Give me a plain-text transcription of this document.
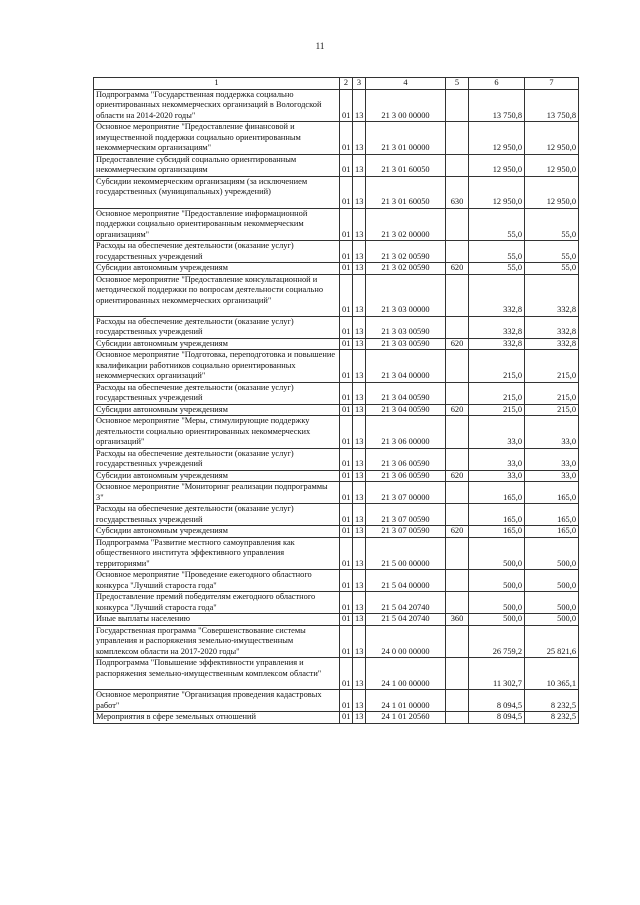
11
1	2	3	4	5	6	7
Подпрограмма "Государственная поддержка социально ориентированных некоммерческих организаций в Вологодской области на 2014-2020 годы"	01	13	21 3 00 00000		13 750,8	13 750,8
Основное мероприятие "Предоставление финансовой и имущественной поддержки социально ориентированным некоммерческим организациям"	01	13	21 3 01 00000		12 950,0	12 950,0
Предоставление субсидий социально ориентированным некоммерческим организациям	01	13	21 3 01 60050		12 950,0	12 950,0
Субсидии некоммерческим организациям (за исключением государственных (муниципальных) учреждений)	01	13	21 3 01 60050	630	12 950,0	12 950,0
Основное мероприятие "Предоставление информационной поддержки социально ориентированным некоммерческим организациям"	01	13	21 3 02 00000		55,0	55,0
Расходы на обеспечение деятельности (оказание услуг) государственных учреждений	01	13	21 3 02 00590		55,0	55,0
Субсидии автономным учреждениям	01	13	21 3 02 00590	620	55,0	55,0
Основное мероприятие "Предоставление консультационной и методической поддержки по вопросам деятельности социально ориентированных некоммерческих организаций"	01	13	21 3 03 00000		332,8	332,8
Расходы на обеспечение деятельности (оказание услуг) государственных учреждений	01	13	21 3 03 00590		332,8	332,8
Субсидии автономным учреждениям	01	13	21 3 03 00590	620	332,8	332,8
Основное мероприятие "Подготовка, переподготовка и повышение квалификации работников социально ориентированных некоммерческих организаций"	01	13	21 3 04 00000		215,0	215,0
Расходы на обеспечение деятельности (оказание услуг) государственных учреждений	01	13	21 3 04 00590		215,0	215,0
Субсидии автономным учреждениям	01	13	21 3 04 00590	620	215,0	215,0
Основное мероприятие "Меры, стимулирующие поддержку деятельности социально ориентированных некоммерческих организаций"	01	13	21 3 06 00000		33,0	33,0
Расходы на обеспечение деятельности (оказание услуг) государственных учреждений	01	13	21 3 06 00590		33,0	33,0
Субсидии автономным учреждениям	01	13	21 3 06 00590	620	33,0	33,0
Основное мероприятие "Мониторинг реализации подпрограммы 3"	01	13	21 3 07 00000		165,0	165,0
Расходы на обеспечение деятельности (оказание услуг) государственных учреждений	01	13	21 3 07 00590		165,0	165,0
Субсидии автономным учреждениям	01	13	21 3 07 00590	620	165,0	165,0
Подпрограмма "Развитие местного самоуправления как общественного института эффективного управления территориями"	01	13	21 5 00 00000		500,0	500,0
Основное мероприятие "Проведение ежегодного областного конкурса "Лучший староста года"	01	13	21 5 04 00000		500,0	500,0
Предоставление премий победителям ежегодного областного конкурса "Лучший староста года"	01	13	21 5 04 20740		500,0	500,0
Иные выплаты населению	01	13	21 5 04 20740	360	500,0	500,0
Государственная программа "Совершенствование системы управления и распоряжения земельно-имущественным комплексом области на 2017-2020 годы"	01	13	24 0 00 00000		26 759,2	25 821,6
Подпрограмма "Повышение эффективности управления и распоряжения земельно-имущественным комплексом области"	01	13	24 1 00 00000		11 302,7	10 365,1
Основное мероприятие "Организация проведения кадастровых работ"	01	13	24 1 01 00000		8 094,5	8 232,5
Мероприятия в сфере земельных отношений	01	13	24 1 01 20560		8 094,5	8 232,5
